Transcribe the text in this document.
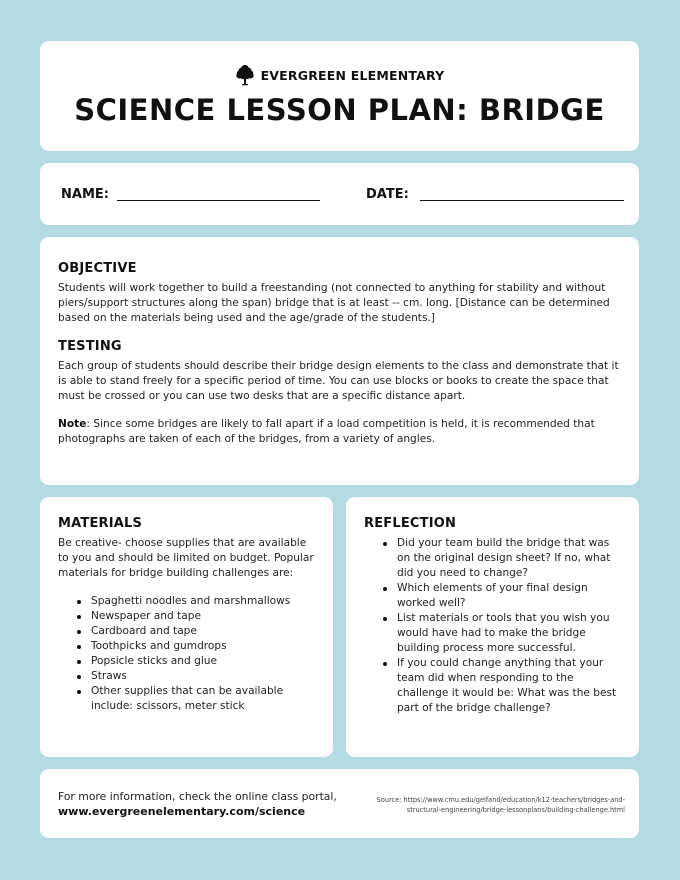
EVERGREEN ELEMENTARY
SCIENCE LESSON PLAN: BRIDGE
NAME:	DATE:
OBJECTIVE

Students will work together to build a freestanding (not connected to anything for stability and without piers/support structures along the span) bridge that is at least -- cm. long. [Distance can be determined based on the materials being used and the age/grade of the students.]

TESTING

Each group of students should describe their bridge design elements to the class and demonstrate that it is able to stand freely for a specific period of time. You can use blocks or books to create the space that must be crossed or you can use two desks that are a specific distance apart.

Note: Since some bridges are likely to fall apart if a load competition is held, it is recommended that photographs are taken of each of the bridges, from a variety of angles.

MATERIALS

Be creative- choose supplies that are available to you and should be limited on budget. Popular materials for bridge building challenges are:

Spaghetti noodles and marshmallows
Newspaper and tape
Cardboard and tape
Toothpicks and gumdrops
Popsicle sticks and glue
Straws
Other supplies that can be available include: scissors, meter stick
REFLECTION
Did your team build the bridge that was on the original design sheet? If no, what did you need to change?
Which elements of your final design worked well?
List materials or tools that you wish you would have had to make the bridge building process more successful.
If you could change anything that your team did when responding to the challenge it would be: What was the best part of the bridge challenge?
For more information, check the online class portal,
www.evergreenelementary.com/science
Source: https://www.cmu.edu/gelfand/education/k12-teachers/bridges-and-structural-engineering/bridge-lessonplans/building-challenge.html
